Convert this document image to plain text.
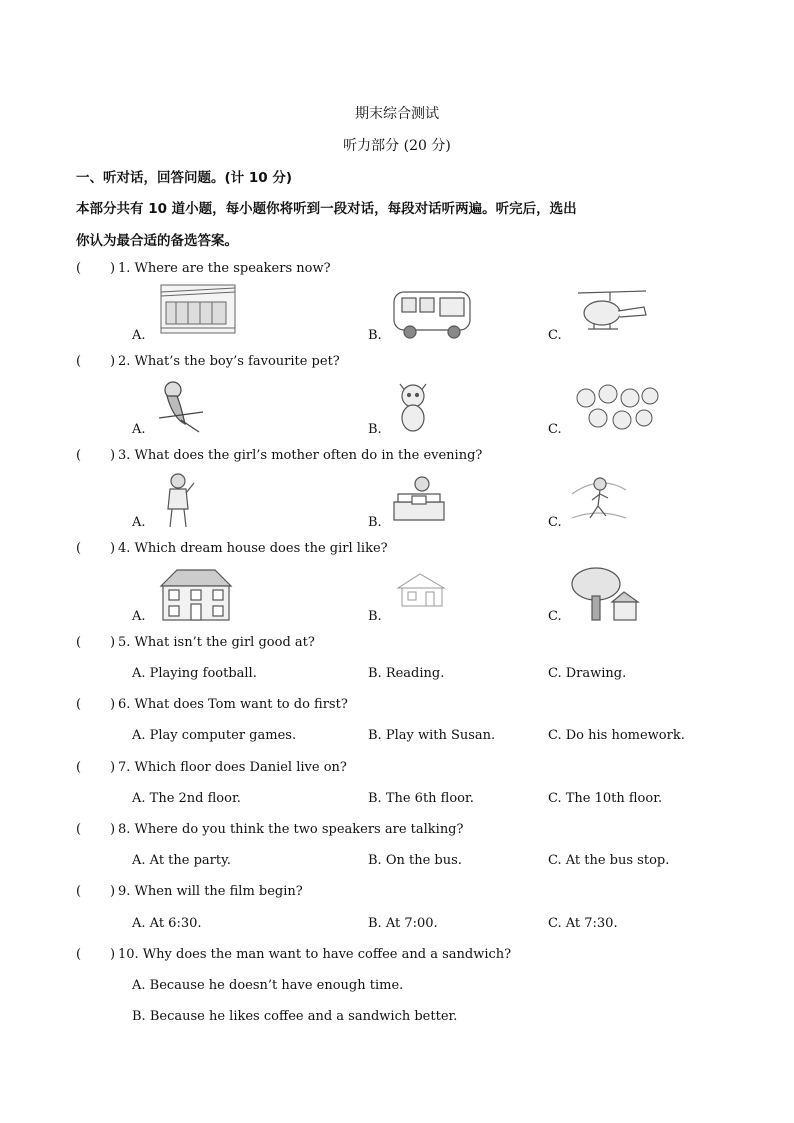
期末综合测试
听力部分 (20 分)
一、听对话，回答问题。(计 10 分)
本部分共有 10 道小题，每小题你将听到一段对话，每段对话听两遍。听完后，选出
你认为最合适的备选答案。
( ) 1. Where are the speakers now?
A.	B.	C.
( ) 2. What’s the boy’s favourite pet?
A.	B.	C.
( ) 3. What does the girl’s mother often do in the evening?
A.	B.	C.
( ) 4. Which dream house does the girl like?
A.	B.	C.
( ) 5. What isn’t the girl good at?
A. Playing football.	B. Reading.	C. Drawing.
( ) 6. What does Tom want to do first?
A. Play computer games.	B. Play with Susan.	C. Do his homework.
( ) 7. Which floor does Daniel live on?
A. The 2nd floor.	B. The 6th floor.	C. The 10th floor.
( ) 8. Where do you think the two speakers are talking?
A. At the party.	B. On the bus.	C. At the bus stop.
( ) 9. When will the film begin?
A. At 6:30.	B. At 7:00.	C. At 7:30.
( ) 10. Why does the man want to have coffee and a sandwich?
A. Because he doesn’t have enough time.
B. Because he likes coffee and a sandwich better.
